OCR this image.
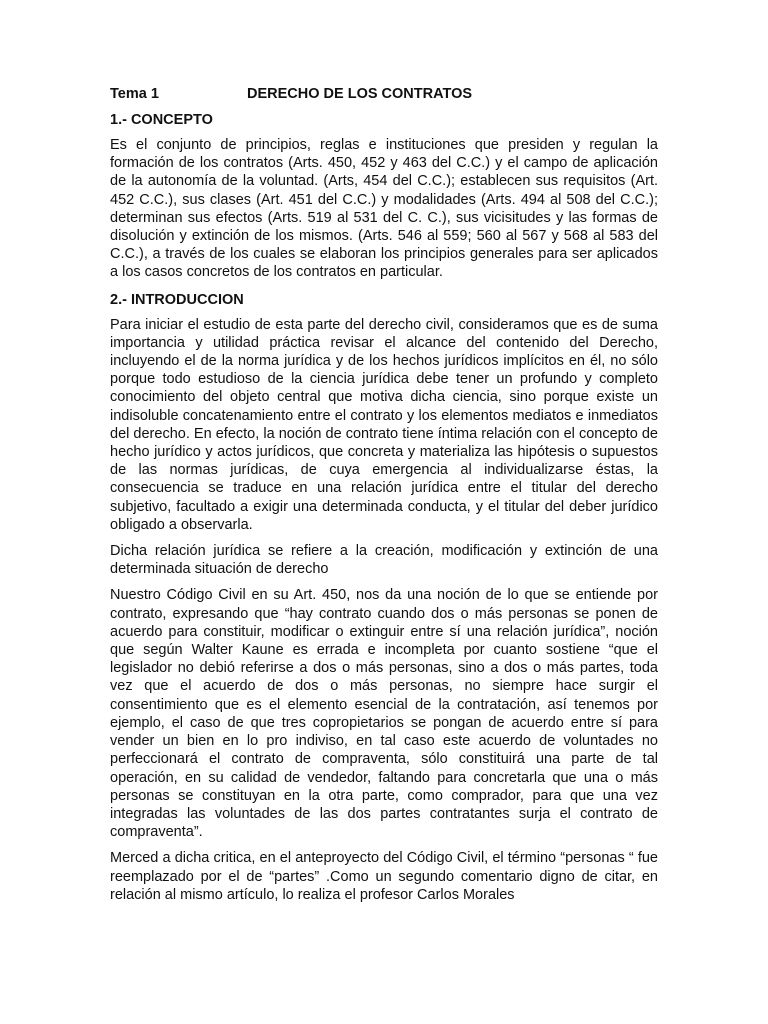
Tema 1	DERECHO DE LOS CONTRATOS
1.- CONCEPTO

Es el conjunto de principios, reglas e instituciones que presiden y regulan la formación de los contratos (Arts. 450, 452 y 463 del C.C.) y el campo de aplicación de la autonomía de la voluntad. (Arts, 454 del C.C.); establecen sus requisitos (Art. 452 C.C.), sus clases (Art. 451 del C.C.) y modalidades (Arts. 494 al 508 del C.C.); determinan sus efectos (Arts. 519 al 531 del C. C.), sus vicisitudes y las formas de disolución y extinción de los mismos. (Arts. 546 al 559; 560 al 567 y 568 al 583 del C.C.), a través de los cuales se elaboran los principios generales para ser aplicados a los casos concretos de los contratos en particular.

2.- INTRODUCCION

Para iniciar el estudio de esta parte del derecho civil, consideramos que es de suma importancia y utilidad práctica revisar el alcance del contenido del Derecho, incluyendo el de la norma jurídica y de los hechos jurídicos implícitos en él, no sólo porque todo estudioso de la ciencia jurídica debe tener un profundo y completo conocimiento del objeto central que motiva dicha ciencia, sino porque existe un indisoluble concatenamiento entre el contrato y los elementos mediatos e inmediatos del derecho. En efecto, la noción de contrato tiene íntima relación con el concepto de hecho jurídico y actos jurídicos, que concreta y materializa las hipótesis o supuestos de las normas jurídicas, de cuya emergencia al individualizarse éstas, la consecuencia se traduce en una relación jurídica entre el titular del derecho subjetivo, facultado a exigir una determinada conducta, y el titular del deber jurídico obligado a observarla.

Dicha relación jurídica se refiere a la creación, modificación y extinción de una determinada situación de derecho

Nuestro Código Civil en su Art. 450, nos da una noción de lo que se entiende por contrato, expresando que “hay contrato cuando dos o más personas se ponen de acuerdo para constituir, modificar o extinguir entre sí una relación jurídica”, noción que según Walter Kaune es errada e incompleta por cuanto sostiene “que el legislador no debió referirse a dos o más personas, sino a dos o más partes, toda vez que el acuerdo de dos o más personas, no siempre hace surgir el consentimiento que es el elemento esencial de la contratación, así tenemos por ejemplo, el caso de que tres copropietarios se pongan de acuerdo entre sí para vender un bien en lo pro indiviso, en tal caso este acuerdo de voluntades no perfeccionará el contrato de compraventa, sólo constituirá una parte de tal operación, en su calidad de vendedor, faltando para concretarla que una o más personas se constituyan en la otra parte, como comprador, para que una vez integradas las voluntades de las dos partes contratantes surja el contrato de compraventa”.

Merced a dicha critica, en el anteproyecto del Código Civil, el término “personas “ fue reemplazado por el de “partes” .Como un segundo comentario digno de citar, en relación al mismo artículo, lo realiza el profesor Carlos Morales
